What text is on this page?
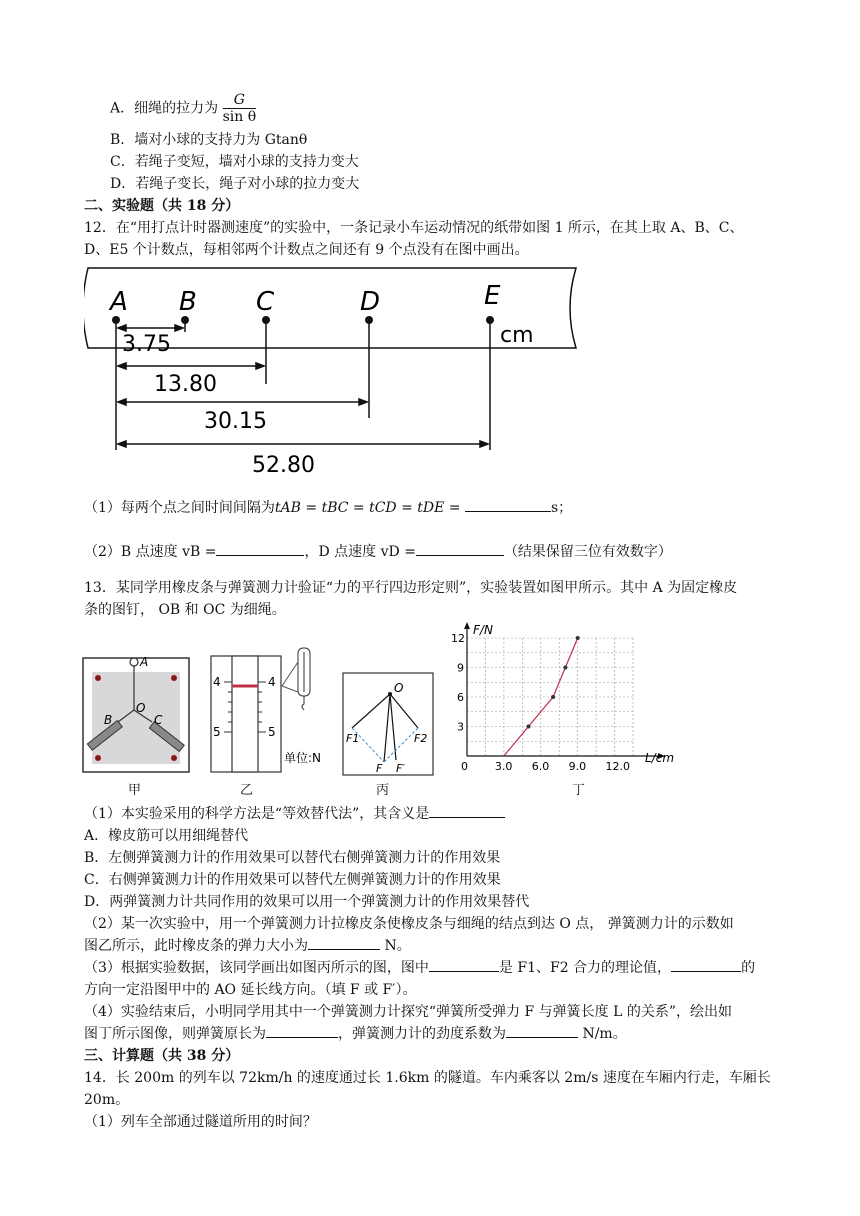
A．细绳的拉力为 $\frac{G}{\text{sin θ}}$
B．墙对小球的支持力为 Gtanθ
C．若绳子变短，墙对小球的支持力变大
D．若绳子变长，绳子对小球的拉力变大
二、实验题（共 18 分）
12．在“用打点计时器测速度”的实验中，一条记录小车运动情况的纸带如图 1 所示，在其上取 A、B、C、
D、E5 个计数点，每相邻两个计数点之间还有 9 个点没有在图中画出。
A B C	D	E
cm
3.75
13.80
30.15
52.80
（1）每两个点之间时间间隔为tAB = tBC = tCD = tDE =	s；
（2）B 点速度 vB =	，D 点速度 vD =	（结果保留三位有效数字）
13．某同学用橡皮条与弹簧测力计验证“力的平行四边形定则”，实验装置如图甲所示。其中 A 为固定橡皮
条的图钉， OB 和 OC 为细绳。
A
O
B	C
4	4
5	5
单位:N
O
F1	F2
F F′	0 3.0 6.0 9.0 12.0
3
6
9
12
F/N
L/cm
甲	乙	丙	丁
（1）本实验采用的科学方法是“等效替代法”，其含义是
A．橡皮筋可以用细绳替代
B．左侧弹簧测力计的作用效果可以替代右侧弹簧测力计的作用效果
C．右侧弹簧测力计的作用效果可以替代左侧弹簧测力计的作用效果
D．两弹簧测力计共同作用的效果可以用一个弹簧测力计的作用效果替代
（2）某一次实验中，用一个弹簧测力计拉橡皮条使橡皮条与细绳的结点到达 O 点， 弹簧测力计的示数如
图乙所示，此时橡皮条的弹力大小为	N。
（3）根据实验数据，该同学画出如图丙所示的图，图中	是 F1、F2 合力的理论值，	的
方向一定沿图甲中的 AO 延长线方向。（填 F 或 F′）。
（4）实验结束后，小明同学用其中一个弹簧测力计探究“弹簧所受弹力 F 与弹簧长度 L 的关系”，绘出如
图丁所示图像，则弹簧原长为	，弹簧测力计的劲度系数为	N/m。
三、计算题（共 38 分）
14．长 200m 的列车以 72km/h 的速度通过长 1.6km 的隧道。车内乘客以 2m/s 速度在车厢内行走，车厢长
20m。
（1）列车全部通过隧道所用的时间？
